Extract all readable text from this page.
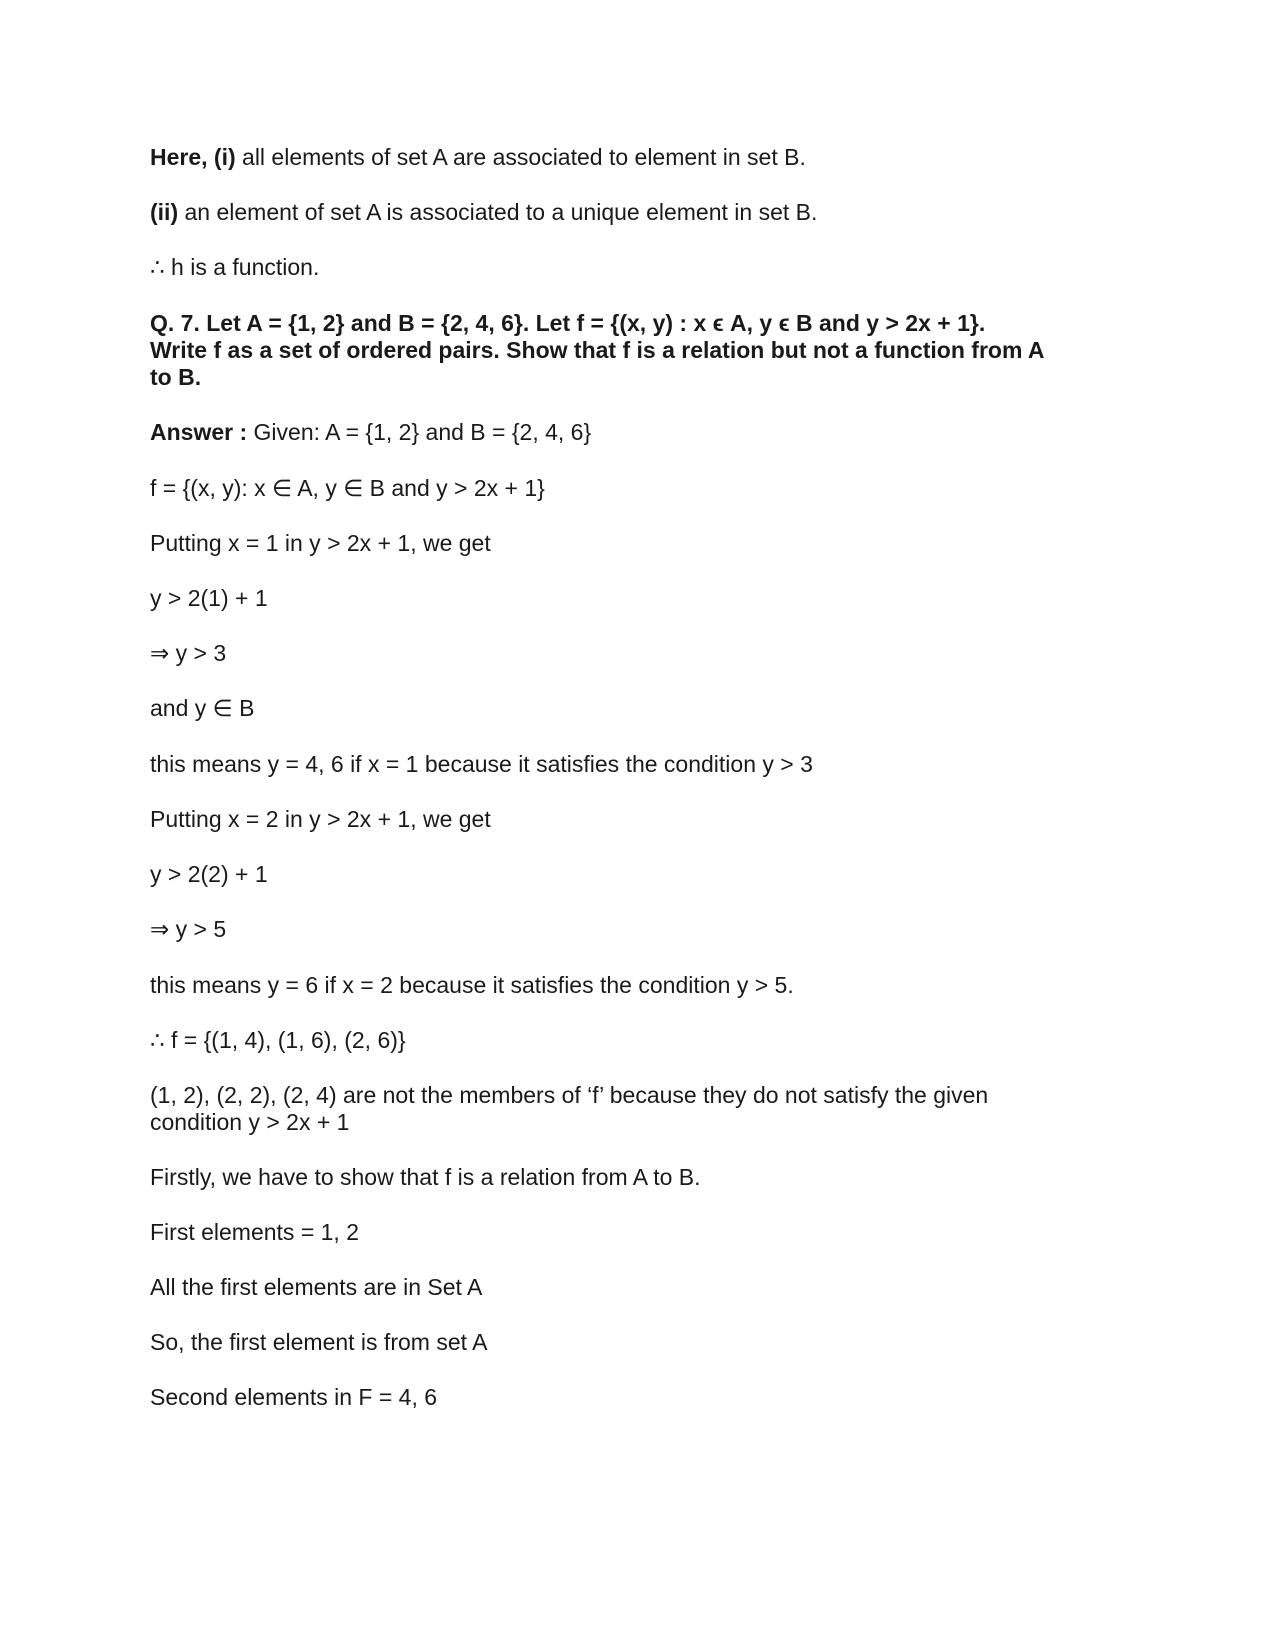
Here, (i) all elements of set A are associated to element in set B.

(ii) an element of set A is associated to a unique element in set B.

∴ h is a function.

Q. 7. Let A = {1, 2} and B = {2, 4, 6}. Let f = {(x, y) : x ϵ A, y ϵ B and y > 2x + 1}.

Write f as a set of ordered pairs. Show that f is a relation but not a function from A

to B.

Answer : Given: A = {1, 2} and B = {2, 4, 6}

f = {(x, y): x ∈ A, y ∈ B and y > 2x + 1}

Putting x = 1 in y > 2x + 1, we get

y > 2(1) + 1

⇒ y > 3

and y ∈ B

this means y = 4, 6 if x = 1 because it satisfies the condition y > 3

Putting x = 2 in y > 2x + 1, we get

y > 2(2) + 1

⇒ y > 5

this means y = 6 if x = 2 because it satisfies the condition y > 5.

∴ f = {(1, 4), (1, 6), (2, 6)}

(1, 2), (2, 2), (2, 4) are not the members of ‘f’ because they do not satisfy the given

condition y > 2x + 1

Firstly, we have to show that f is a relation from A to B.

First elements = 1, 2

All the first elements are in Set A

So, the first element is from set A

Second elements in F = 4, 6
